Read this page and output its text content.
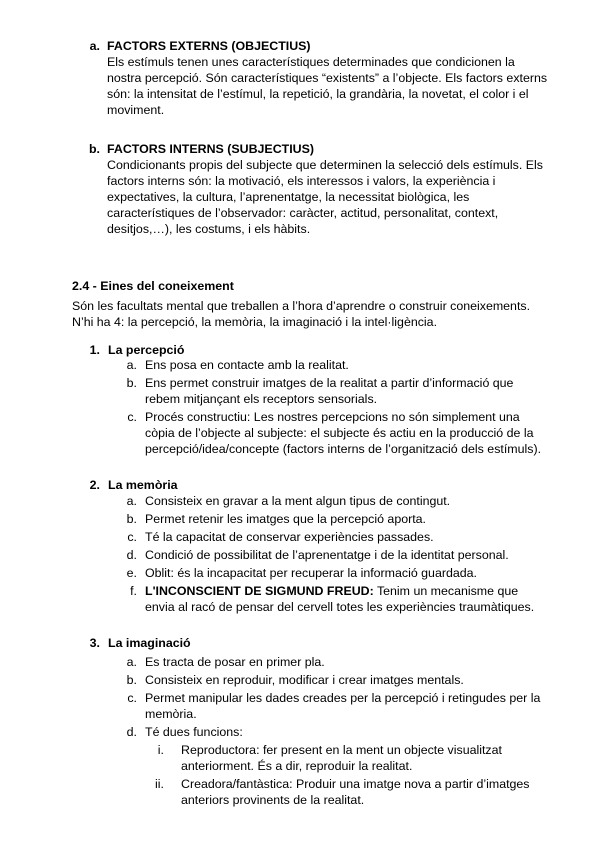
a. FACTORS EXTERNS (OBJECTIUS)
Els estímuls tenen unes característiques determinades que condicionen la
nostra percepció. Són característiques “existents” a l’objecte. Els factors externs
són: la intensitat de l’estímul, la repetició, la grandària, la novetat, el color i el
moviment.
b. FACTORS INTERNS (SUBJECTIUS)
Condicionants propis del subjecte que determinen la selecció dels estímuls. Els
factors interns són: la motivació, els interessos i valors, la experiència i
expectatives, la cultura, l’aprenentatge, la necessitat biològica, les
característiques de l’observador: caràcter, actitud, personalitat, context,
desitjos,…), les costums, i els hàbits.
2.4 - Eines del coneixement
Són les facultats mental que treballen a l’hora d’aprendre o construir coneixements.
N’hi ha 4: la percepció, la memòria, la imaginació i la intel·ligència.
1. La percepció
a. Ens posa en contacte amb la realitat.
b. Ens permet construir imatges de la realitat a partir d’informació que
rebem mitjançant els receptors sensorials.
c. Procés constructiu: Les nostres percepcions no són simplement una
còpia de l’objecte al subjecte: el subjecte és actiu en la producció de la
percepció/idea/concepte (factors interns de l’organització dels estímuls).
2. La memòria
a. Consisteix en gravar a la ment algun tipus de contingut.
b. Permet retenir les imatges que la percepció aporta.
c. Té la capacitat de conservar experiències passades.
d. Condició de possibilitat de l’aprenentatge i de la identitat personal.
e. Oblit: és la incapacitat per recuperar la informació guardada.
f. L'INCONSCIENT DE SIGMUND FREUD: Tenim un mecanisme que
envia al racó de pensar del cervell totes les experiències traumàtiques.
3. La imaginació
a. Es tracta de posar en primer pla.
b. Consisteix en reproduir, modificar i crear imatges mentals.
c. Permet manipular les dades creades per la percepció i retingudes per la
memòria.
d. Té dues funcions:
i. Reproductora: fer present en la ment un objecte visualitzat
anteriorment. És a dir, reproduir la realitat.
ii. Creadora/fantàstica: Produir una imatge nova a partir d’imatges
anteriors provinents de la realitat.
